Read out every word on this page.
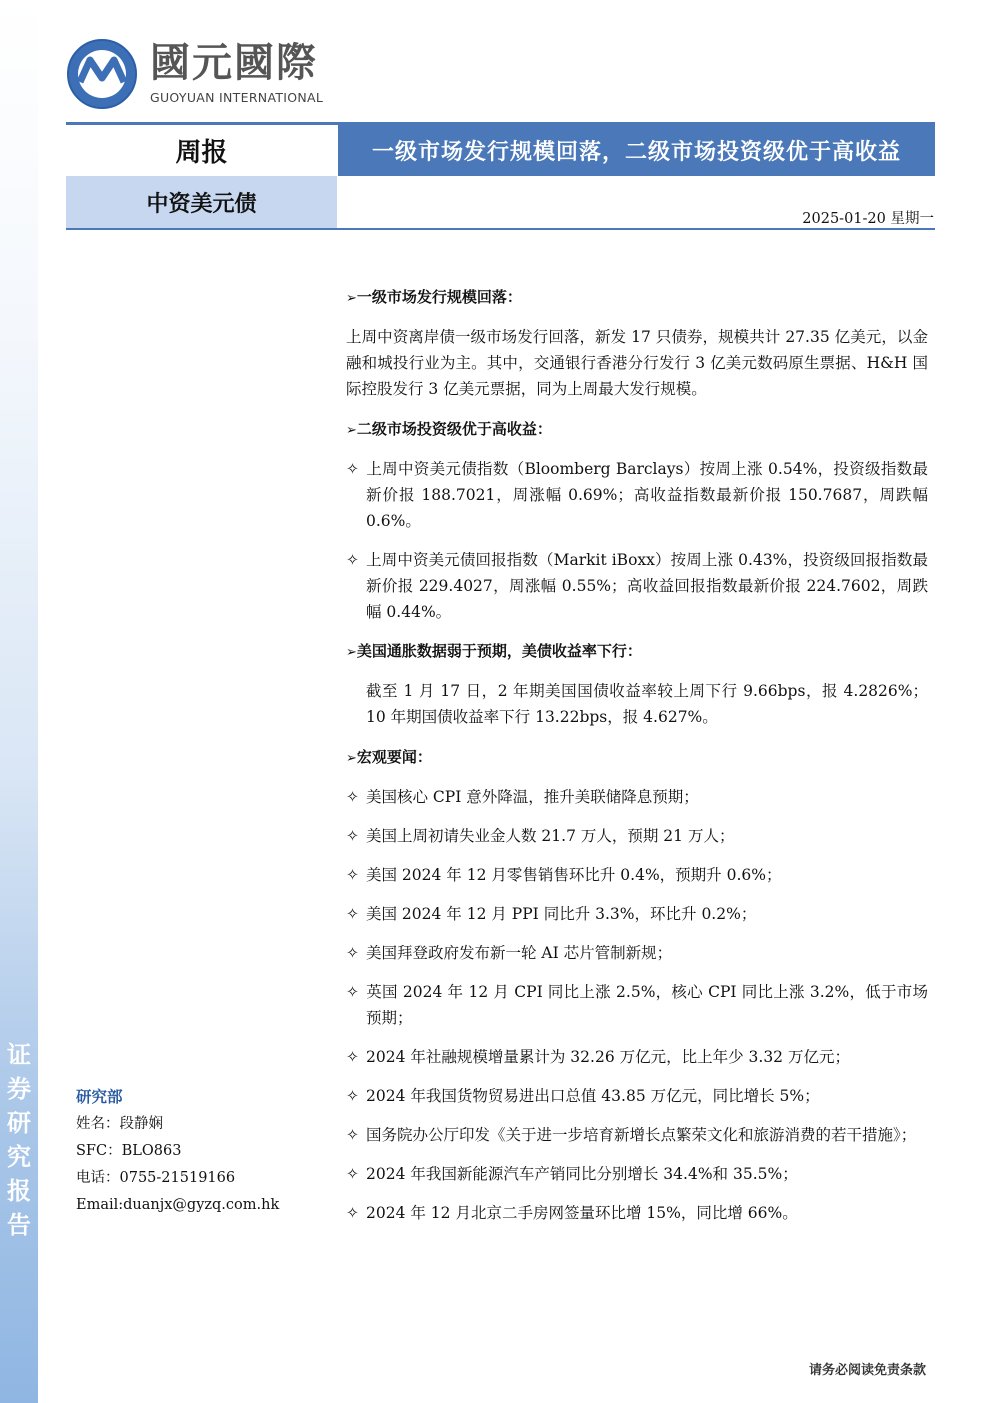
证
券
研
究
报
告
國元國際
GUOYUAN INTERNATIONAL
周报	一级市场发行规模回落，二级市场投资级优于高收益
中资美元债
2025-01-20 星期一
➢一级市场发行规模回落：
上周中资离岸债一级市场发行回落，新发 17 只债券，规模共计 27.35 亿美元，以金融和城投行业为主。其中，交通银行香港分行发行 3 亿美元数码原生票据、H&H 国际控股发行 3 亿美元票据，同为上周最大发行规模。
➢二级市场投资级优于高收益：
✧ 上周中资美元债指数（Bloomberg Barclays）按周上涨 0.54%，投资级指数最新价报 188.7021，周涨幅 0.69%；高收益指数最新价报 150.7687，周跌幅 0.6%。
✧ 上周中资美元债回报指数（Markit iBoxx）按周上涨 0.43%，投资级回报指数最新价报 229.4027，周涨幅 0.55%；高收益回报指数最新价报 224.7602，周跌幅 0.44%。
➢美国通胀数据弱于预期，美债收益率下行：
截至 1 月 17 日，2 年期美国国债收益率较上周下行 9.66bps，报 4.2826%；10 年期国债收益率下行 13.22bps，报 4.627%。
➢宏观要闻：
✧ 美国核心 CPI 意外降温，推升美联储降息预期；
✧ 美国上周初请失业金人数 21.7 万人，预期 21 万人；
✧ 美国 2024 年 12 月零售销售环比升 0.4%，预期升 0.6%；
✧ 美国 2024 年 12 月 PPI 同比升 3.3%，环比升 0.2%；
✧ 美国拜登政府发布新一轮 AI 芯片管制新规；
✧ 英国 2024 年 12 月 CPI 同比上涨 2.5%，核心 CPI 同比上涨 3.2%，低于市场预期；
✧ 2024 年社融规模增量累计为 32.26 万亿元，比上年少 3.32 万亿元；
✧ 2024 年我国货物贸易进出口总值 43.85 万亿元，同比增长 5%；
✧ 国务院办公厅印发《关于进一步培育新增长点繁荣文化和旅游消费的若干措施》；
✧ 2024 年我国新能源汽车产销同比分别增长 34.4%和 35.5%；
✧ 2024 年 12 月北京二手房网签量环比增 15%，同比增 66%。
研究部
姓名：段静娴
SFC：BLO863
电话：0755-21519166
Email:duanjx@gyzq.com.hk
请务必阅读免责条款
